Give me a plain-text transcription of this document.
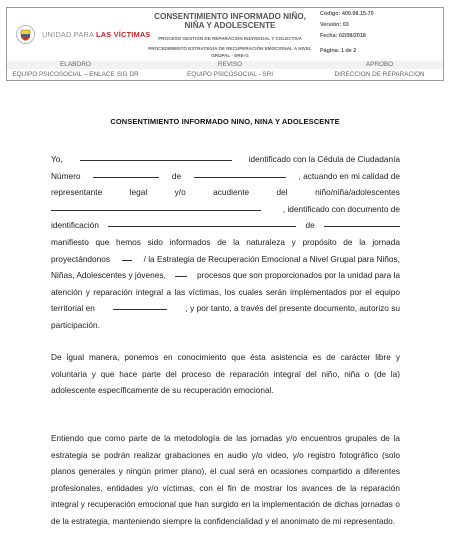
UNIDAD PARA LAS VÍCTIMAS
CONSENTIMIENTO INFORMADO NIÑO, NIÑA Y ADOLESCENTE
PROCESO GESTIÓN DE REPARACIÓN INDIVIDUAL Y COLECTIVA
PROCEDIMIENTO ESTRATEGIA DE RECUPERACIÓN EMOCIONAL A NIVEL GRUPAL - ERE-G
Código: 400.08.15-70
Versión: 03
Fecha: 02/08/2018
Página: 1 de 2
ELABORO	REVISO	APROBO
EQUIPO PSICOSOCIAL – ENLACE SIG DR	EQUIPO PSICOSOCIAL - SRI	DIRECCION DE REPARACION
CONSENTIMIENTO INFORMADO NINO, NINA Y ADOLESCENTE
Yo,	identificado con la Cédula de Ciudadanía
Número	de	, actuando en mi calidad de
representante	legal	y/o	acudiente	del	niño/niña/adolescentes
, identificado con documento de
identificación	de
manifiesto que hemos sido informados de la naturaleza y propósito de la jornada
proyectándonos	/ la Estrategia de Recuperación Emocional a Nivel Grupal para Niños,
Niñas, Adolescentes y jóvenes,	procesos que son proporcionados por la unidad para la
atención y reparación integral a las víctimas, los cuales serán implementados por el equipo
territorial en	, y por tanto, a través del presente documento, autorizo su
participación.
De igual manera, ponemos en conocimiento que ésta asistencia es de carácter libre y voluntaria y que hace parte del proceso de reparación integral del niño, niña o (de la) adolescente específicamente de su recuperación emocional.
Entiendo que como parte de la metodología de las jornadas y/o encuentros grupales de la estrategia se podrán realizar grabaciones en audio y/o video, y/o registro fotográfico (solo planos generales y ningún primer plano), el cual será en ocasiones compartido a diferentes profesionales, entidades y/o víctimas, con el fin de mostrar los avances de la reparación integral y recuperación emocional que han surgido en la implementación de dichas jornadas o de la estrategia, manteniendo siempre la confidencialidad y el anonimato de mi representado.
